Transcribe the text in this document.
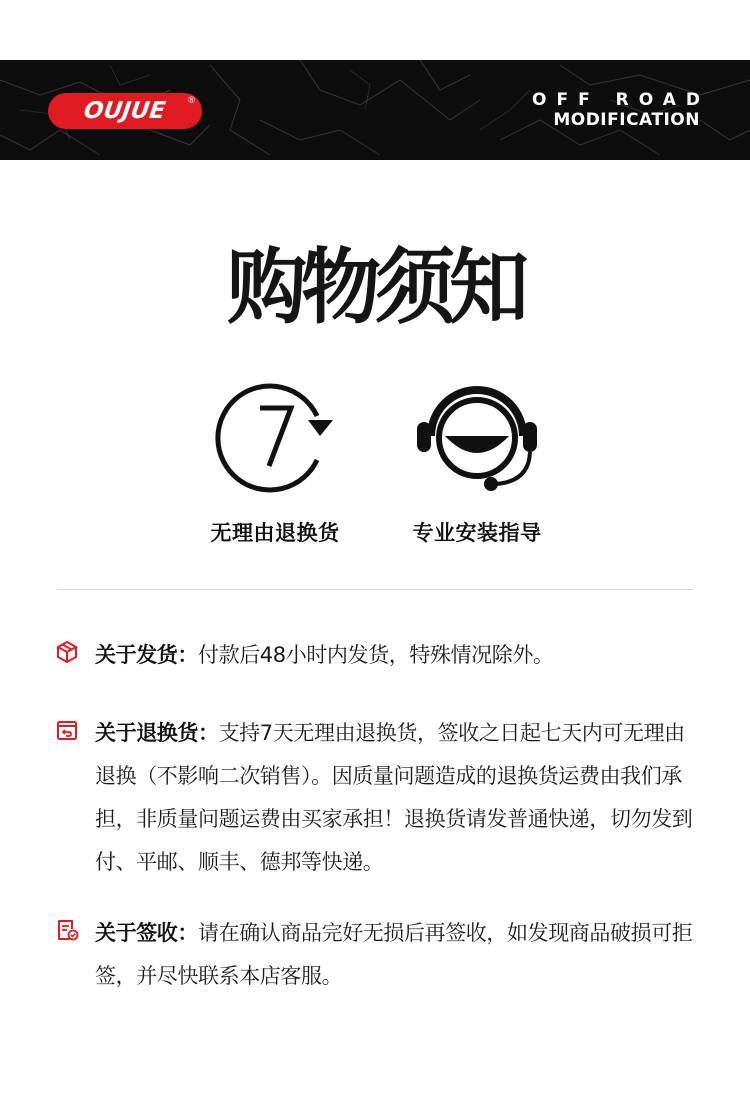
OUJUE ®	OFF ROAD
MODIFICATION
购物须知
无理由退换货	专业安装指导

关于发货：付款后48小时内发货，特殊情况除外。

关于退换货：支持7天无理由退换货，签收之日起七天内可无理由退换（不影响二次销售）。因质量问题造成的退换货运费由我们承担，非质量问题运费由买家承担！退换货请发普通快递，切勿发到付、平邮、顺丰、德邦等快递。

关于签收：请在确认商品完好无损后再签收，如发现商品破损可拒签，并尽快联系本店客服。
